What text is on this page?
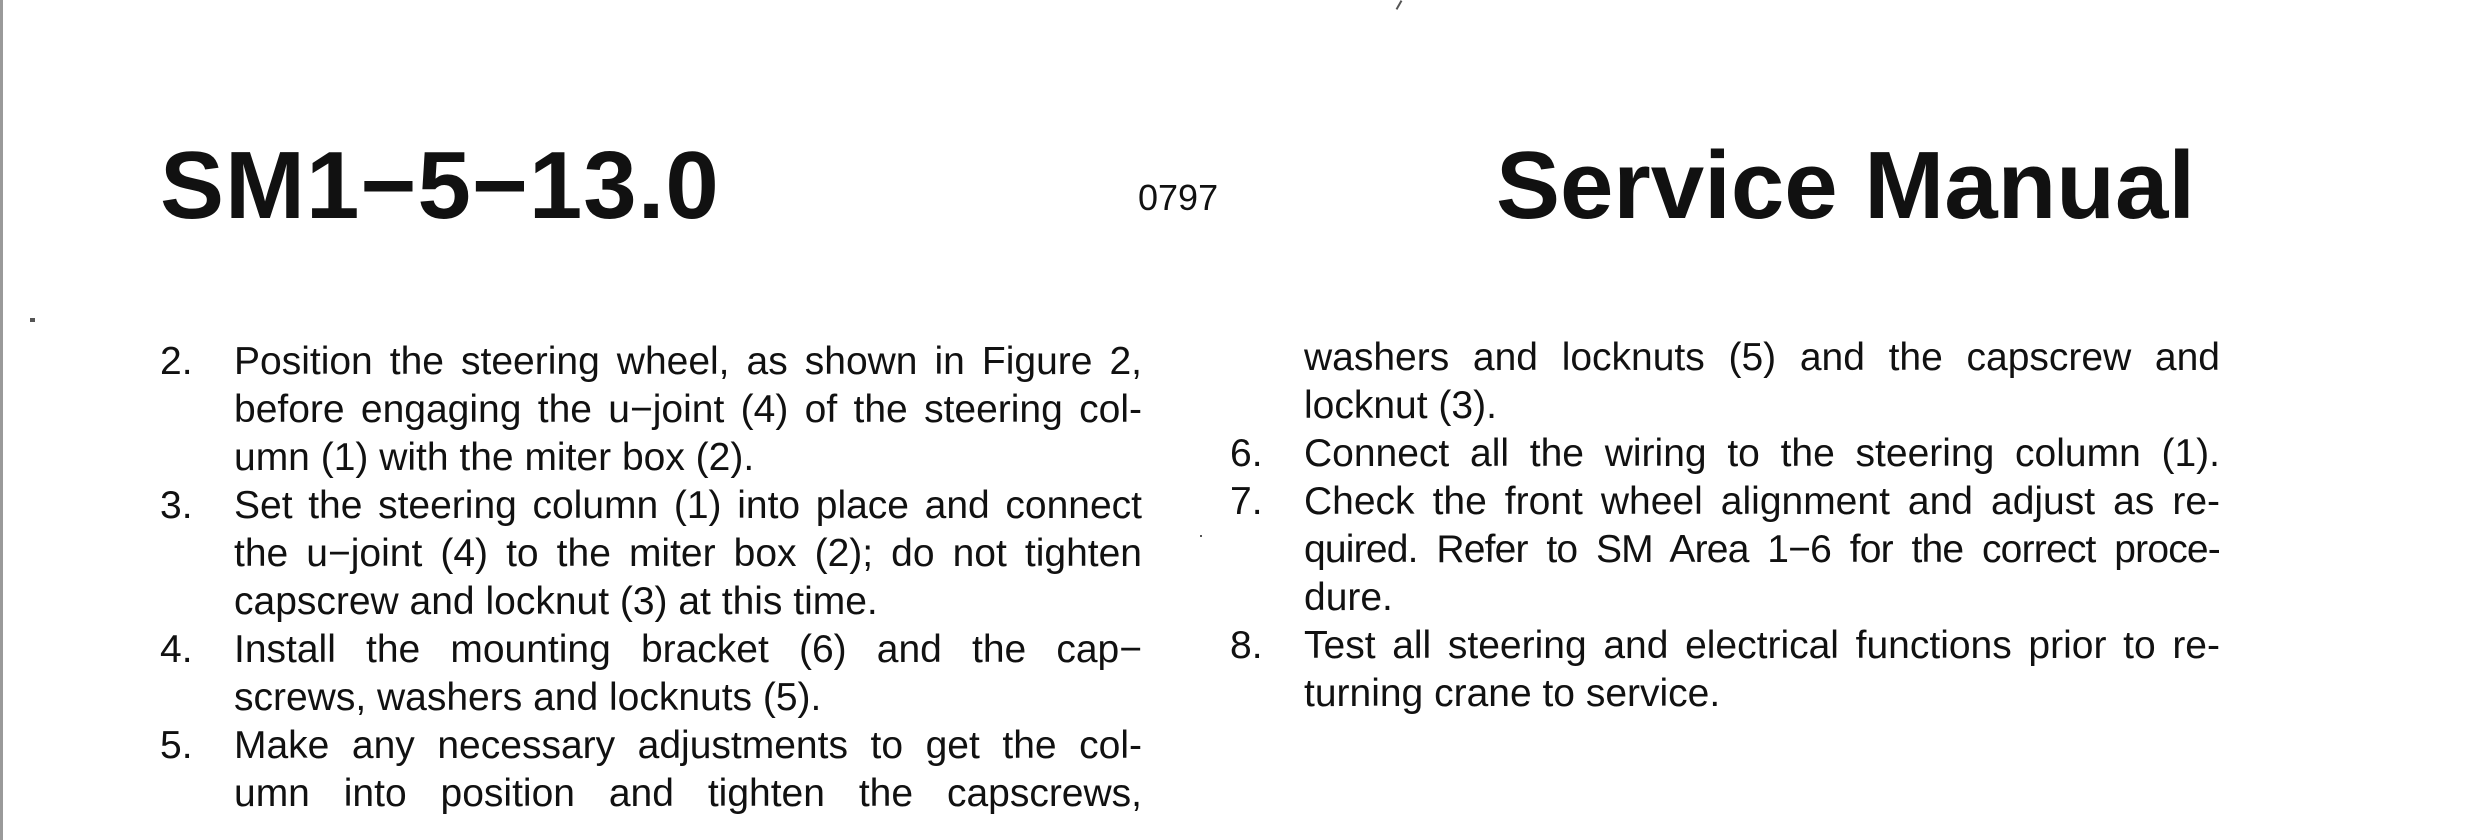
SM1−5−13.0	0797	Service Manual
2.	Position the steering wheel, as shown in Figure 2,
before engaging the u−joint (4) of the steering col-
umn (1) with the miter box (2).
3.	Set the steering column (1) into place and connect
the u−joint (4) to the miter box (2); do not tighten
capscrew and locknut (3) at this time.
4.	Install the mounting bracket (6) and the cap−
screws, washers and locknuts (5).
5.	Make any necessary adjustments to get the col-
umn into position and tighten the capscrews,
washers and locknuts (5) and the capscrew and
locknut (3).
6.	Connect all the wiring to the steering column (1).
7.	Check the front wheel alignment and adjust as re-
quired. Refer to SM Area 1−6 for the correct proce-
dure.
8.	Test all steering and electrical functions prior to re-
turning crane to service.
